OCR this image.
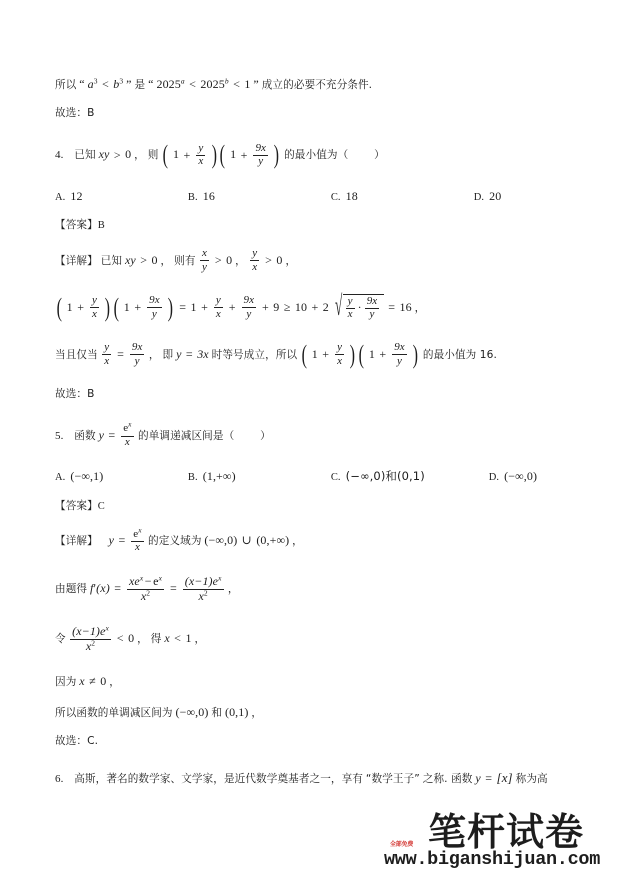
所以 “ $a^3 < b^3$ ” 是 “ $2025^a < 2025^b < 1$ ” 成立的必要不充分条件.
故选：B
4. 已知 xy > 0 ， 则 ( $1 + \frac{y}{x}$ ) ( $1 + \frac{9x}{y}$ ) 的最小值为（ ）
A. 12	B. 16	C. 18	D. 20
【答案】B
【详解】 已知 xy > 0 ， 则有 $\frac{x}{y} > 0$ ， $\frac{y}{x} > 0$ ，
( $1 + \frac{y}{x}$ ) ( $1 + \frac{9x}{y}$ ) = $1 + \frac{y}{x} + \frac{9x}{y} + 9 \ge 10 + 2$ √ $\frac{y}{x} \cdot \frac{9x}{y} = 16$ ，
当且仅当 $\frac{y}{x} = \frac{9x}{y}$ ， 即 y = 3x 时等号成立，所以 ( $1 + \frac{y}{x}$ ) ( $1 + \frac{9x}{y}$ ) 的最小值为 16.
故选：B
5. 函数 $y = \frac{e^x}{x}$ 的单调递减区间是（ ）
A. (−∞,1)	B. (1,+∞)	C. (−∞,0)和(0,1)	D. (−∞,0)
【答案】C
【详解】 $y = \frac{e^x}{x}$ 的定义域为 (−∞,0) ∪ (0,+∞) ，
由题得 $f'(x) = \frac{xe^x - e^x}{x^2} = \frac{(x-1)e^x}{x^2}$ ，
令 $\frac{(x-1)e^x}{x^2} < 0$ ， 得 x < 1 ，
因为 x ≠ 0 ，
所以函数的单调减区间为 (−∞,0) 和 (0,1) ，
故选：C.
6. 高斯，著名的数学家、文学家，是近代数学奠基者之一，享有 “数学王子” 之称. 函数 y = [x] 称为高
笔杆试卷
www.biganshijuan.com
全部免费
